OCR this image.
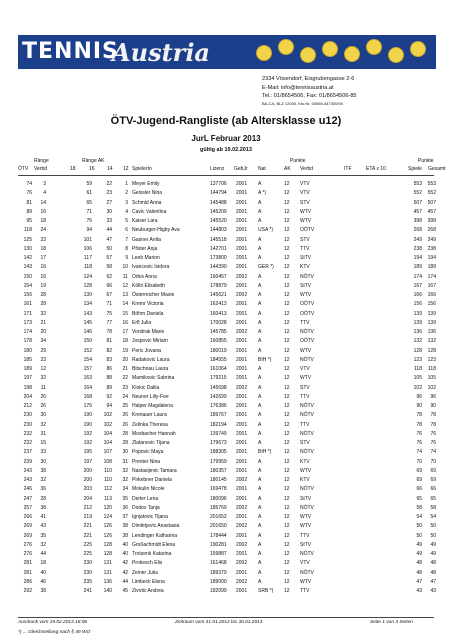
TENNIS
Austria
2334 Vösendorf, Eisgrubengasse 2-6
E-Mail: info@tennisaustria.at
Tel.: 01/8654506, Fax: 01/8654506-85
BA-CA, BLZ 12000, Kto.Nr. 00665-447300/00
ÖTV-Jugend-Rangliste (ab Altersklasse u12)
JurL Februar 2013
gültig ab 19.02.2013
Ränge	Ränge AK	Punkte	Punkte
ÖTV Verbd	18	16 14 12 SpielerIn	Lizenz GebJr Nat	AK Verbd	ITF	ETA x 10	Spiele Gesamt
74	3	59	22	1 Meyer Emily	137706	2001	A	12	VTV	553	553
76	4	61	23	2 Geissler Nina	144794	2001	A *)	12	VTV	552	552
81	14	65	27	3 Schmid Anna	145488	2001	A	12	STV	507	507
89	16	71	30	4 Cavic Valentina	145209	2001	A	12	WTV	457	457
95	18	76	33	5 Kaiser Lara	145520	2001	A	12	WTV	398	398
118	24	94	44	6 Neuburger-Higby Ava	144803	2001	USA *)	12	OÖTV	268	268
125	23	101	47	7 Gasner Anita	145518	2001	A	12	STV	249	249
130	18	106	50	8 Pfister Anja	142701	2001	A	12	TTV	238	238
142	17	117	57	9 Leeb Marion	173800	2001	A	12	StTV	194	194
143	16	118	58	10 Ivancevic Isidora	144390	2001	GER *)	12	KTV	189	189
150	16	124	62	11 Orbis Anna	160457	2002	A	12	NÖTV	174	174
154	19	128	66	12 Köllö Elisabeth	178879	2001	A	12	StTV	167	167
156	28	130	67	13 Österreicher Maxie	145621	2002	A	12	WTV	166	166
161	28	134	71	14 Kremr Victoria	162413	2001	A	12	OÖTV	156	156
171	32	143	75	15 Böhm Daniela	160413	2001	A	12	OÖTV	139	139
173	21	145	77	16 Erfl Julia	170028	2001	A	12	TTV	139	139
174	20	146	78	17 Vondrak Marie	145785	2002	A	12	NÖTV	136	136
178	34	150	81	18 Jospovic Miriam	160855	2001	A	12	OÖTV	132	132
180	29	152	82	19 Peric Jovana	180019	2001	A	12	WTV	128	128
185	23	154	83	20 Radakovic Laura	184555	2001	BIH *)	12	NÖTV	123	123
189	12	157	86	21 Bitschnau Laura	161064	2001	A	12	VTV	118	118
197	32	163	88	22 Mamikovic Sabrina	179215	2001	A	12	WTV	105	105
198	11	164	89	23 Klokic Dalila	145698	2002	A	12	STV	102	102
204	26	168	92	24 Neuner Lilly-Fee	142699	2001	A	12	TTV	96	96
212	26	176	94	25 Halper Magdalena	176386	2001	A	12	NÖTV	90	90
230	30	190	102	26 Krenauer Laura	189767	2001	A	12	NÖTV	78	78
230	32	190	102	26 Zelinka Theresa	182194	2001	A	12	TTV	78	78
232	31	192	104	28 Mosbacher Hannah	139749	2001	A	12	NÖTV	76	76
232	15	192	104	28 Zlatanovic Tijana	179673	2001	A	12	STV	76	76
237	33	195	107	30 Popovic Maya	188305	2001	BIH *)	12	NÖTV	74	74
239	30	197	108	31 Prenter Nina	179959	2001	A	12	KTV	70	70
243	38	200	110	32 Nastasijevic Tamara	180357	2001	A	12	WTV	69	69
243	32	200	110	32 Pirkebner Daniela	180145	2002	A	12	KTV	69	69
246	36	203	112	34 Mokulin Nicole	169478	2001	A	12	NÖTV	66	66
247	28	204	113	35 Derler Lena	180096	2001	A	12	StTV	65	65
257	38	212	120	36 Dodos Tanja	185769	2002	A	12	NÖTV	58	58
266	41	219	124	37 Ignjatovic Tijana	201652	2001	A	12	WTV	54	54
269	43	221	126	38 Dimitrijevic Anastasia	201650	2002	A	12	WTV	50	50
269	35	221	126	38 Lendinger Katharina	178444	2001	A	12	TTV	50	50
276	32	225	128	40 Großachmidt Elena	190281	2002	A	12	StTV	49	49
276	44	225	128	40 Trotzenk Katarina	159887	2001	A	12	NÖTV	49	49
281	18	230	131	42 Prokesch Elis	161468	2002	A	12	VTV	48	48
281	40	230	131	42 Zeiner Julia	189379	2001	A	12	NÖTV	48	48
286	46	235	136	44 Limbeck Elena	189000	2002	A	12	WTV	47	47
292	38	241	140	45 Zivotic Andrea	182099	2001	SRB *)	12	TTV	43	43
Ausdruck vom 19.02.2013 18:06	Zeitraum vom 31.01.2012 bis 30.01.2013	Seite 1 von 3 Seiten
*) ... Gleichstellung nach § 49 WO
